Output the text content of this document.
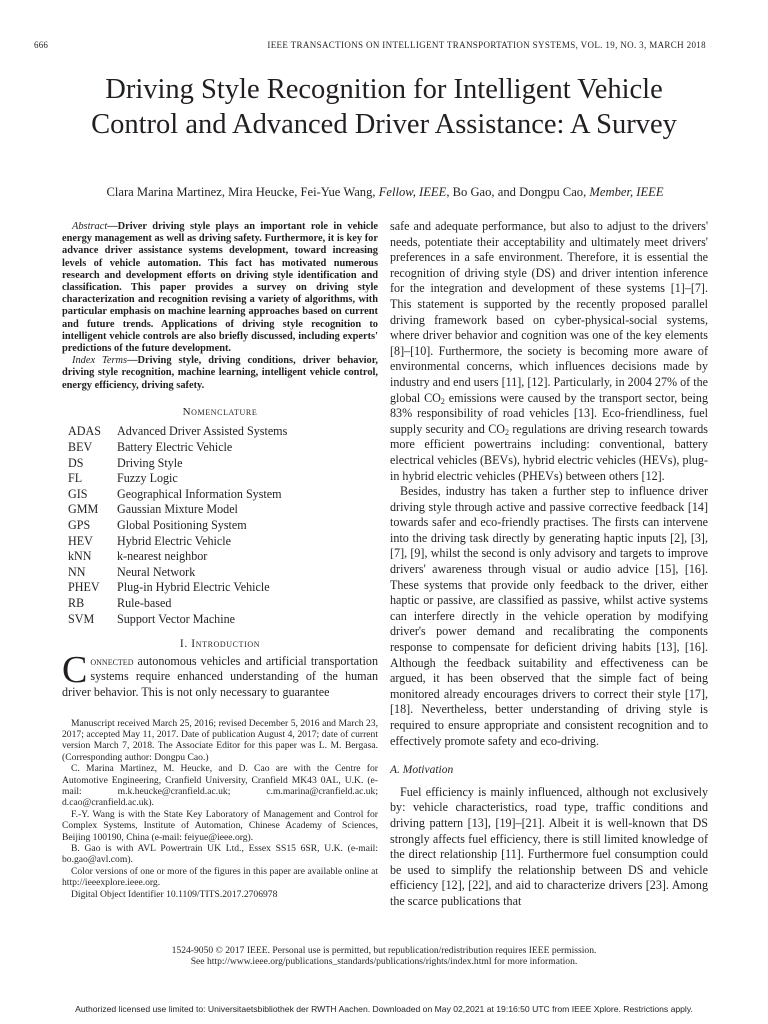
666	IEEE TRANSACTIONS ON INTELLIGENT TRANSPORTATION SYSTEMS, VOL. 19, NO. 3, MARCH 2018
Driving Style Recognition for Intelligent Vehicle Control and Advanced Driver Assistance: A Survey
Clara Marina Martinez, Mira Heucke, Fei-Yue Wang, Fellow, IEEE, Bo Gao, and Dongpu Cao, Member, IEEE

Abstract—Driver driving style plays an important role in vehicle energy management as well as driving safety. Furthermore, it is key for advance driver assistance systems development, toward increasing levels of vehicle automation. This fact has motivated numerous research and development efforts on driving style identification and classification. This paper provides a survey on driving style characterization and recognition revising a variety of algorithms, with particular emphasis on machine learning approaches based on current and future trends. Applications of driving style recognition to intelligent vehicle controls are also briefly discussed, including experts' predictions of the future development.

Index Terms—Driving style, driving conditions, driver behavior, driving style recognition, machine learning, intelligent vehicle control, energy efficiency, driving safety.

Nomenclature
ADAS	Advanced Driver Assisted Systems
BEV	Battery Electric Vehicle
DS	Driving Style
FL	Fuzzy Logic
GIS	Geographical Information System
GMM	Gaussian Mixture Model
GPS	Global Positioning System
HEV	Hybrid Electric Vehicle
kNN	k-nearest neighbor
NN	Neural Network
PHEV	Plug-in Hybrid Electric Vehicle
RB	Rule-based
SVM	Support Vector Machine
I. Introduction

Connected autonomous vehicles and artificial transportation systems require enhanced understanding of the human driver behavior. This is not only necessary to guarantee

Manuscript received March 25, 2016; revised December 5, 2016 and March 23, 2017; accepted May 11, 2017. Date of publication August 4, 2017; date of current version March 7, 2018. The Associate Editor for this paper was L. M. Bergasa. (Corresponding author: Dongpu Cao.)

C. Marina Martinez, M. Heucke, and D. Cao are with the Centre for Automotive Engineering, Cranfield University, Cranfield MK43 0AL, U.K. (e-mail: m.k.heucke@cranfield.ac.uk; c.m.marina@cranfield.ac.uk; d.cao@cranfield.ac.uk).

F.-Y. Wang is with the State Key Laboratory of Management and Control for Complex Systems, Institute of Automation, Chinese Academy of Sciences, Beijing 100190, China (e-mail: feiyue@ieee.org).

B. Gao is with AVL Powertrain UK Ltd., Essex SS15 6SR, U.K. (e-mail: bo.gao@avl.com).

Color versions of one or more of the figures in this paper are available online at http://ieeexplore.ieee.org.

Digital Object Identifier 10.1109/TITS.2017.2706978

safe and adequate performance, but also to adjust to the drivers' needs, potentiate their acceptability and ultimately meet drivers' preferences in a safe environment. Therefore, it is essential the recognition of driving style (DS) and driver intention inference for the integration and development of these systems [1]–[7]. This statement is supported by the recently proposed parallel driving framework based on cyber-physical-social systems, where driver behavior and cognition was one of the key elements [8]–[10]. Furthermore, the society is becoming more aware of environmental concerns, which influences decisions made by industry and end users [11], [12]. Particularly, in 2004 27% of the global $CO_2$ emissions were caused by the transport sector, being 83% responsibility of road vehicles [13]. Eco-friendliness, fuel supply security and $CO_2$ regulations are driving research towards more efficient powertrains including: conventional, battery electrical vehicles (BEVs), hybrid electric vehicles (HEVs), plug-in hybrid electric vehicles (PHEVs) between others [12].

Besides, industry has taken a further step to influence driver driving style through active and passive corrective feedback [14] towards safer and eco-friendly practises. The firsts can intervene into the driving task directly by generating haptic inputs [2], [3], [7], [9], whilst the second is only advisory and targets to improve drivers' awareness through visual or audio advice [15], [16]. These systems that provide only feedback to the driver, either haptic or passive, are classified as passive, whilst active systems can interfere directly in the vehicle operation by modifying driver's power demand and recalibrating the components response to compensate for deficient driving habits [13], [16]. Although the feedback suitability and effectiveness can be argued, it has been observed that the simple fact of being monitored already encourages drivers to correct their style [17], [18]. Nevertheless, better understanding of driving style is required to ensure appropriate and consistent recognition and to effectively promote safety and eco-driving.

A. Motivation

Fuel efficiency is mainly influenced, although not exclusively by: vehicle characteristics, road type, traffic conditions and driving pattern [13], [19]–[21]. Albeit it is well-known that DS strongly affects fuel efficiency, there is still limited knowledge of the direct relationship [11]. Furthermore fuel consumption could be used to simplify the relationship between DS and vehicle efficiency [12], [22], and aid to characterize drivers [23]. Among the scarce publications that

1524-9050 © 2017 IEEE. Personal use is permitted, but republication/redistribution requires IEEE permission.
See http://www.ieee.org/publications_standards/publications/rights/index.html for more information.
Authorized licensed use limited to: Universitaetsbibliothek der RWTH Aachen. Downloaded on May 02,2021 at 19:16:50 UTC from IEEE Xplore. Restrictions apply.
